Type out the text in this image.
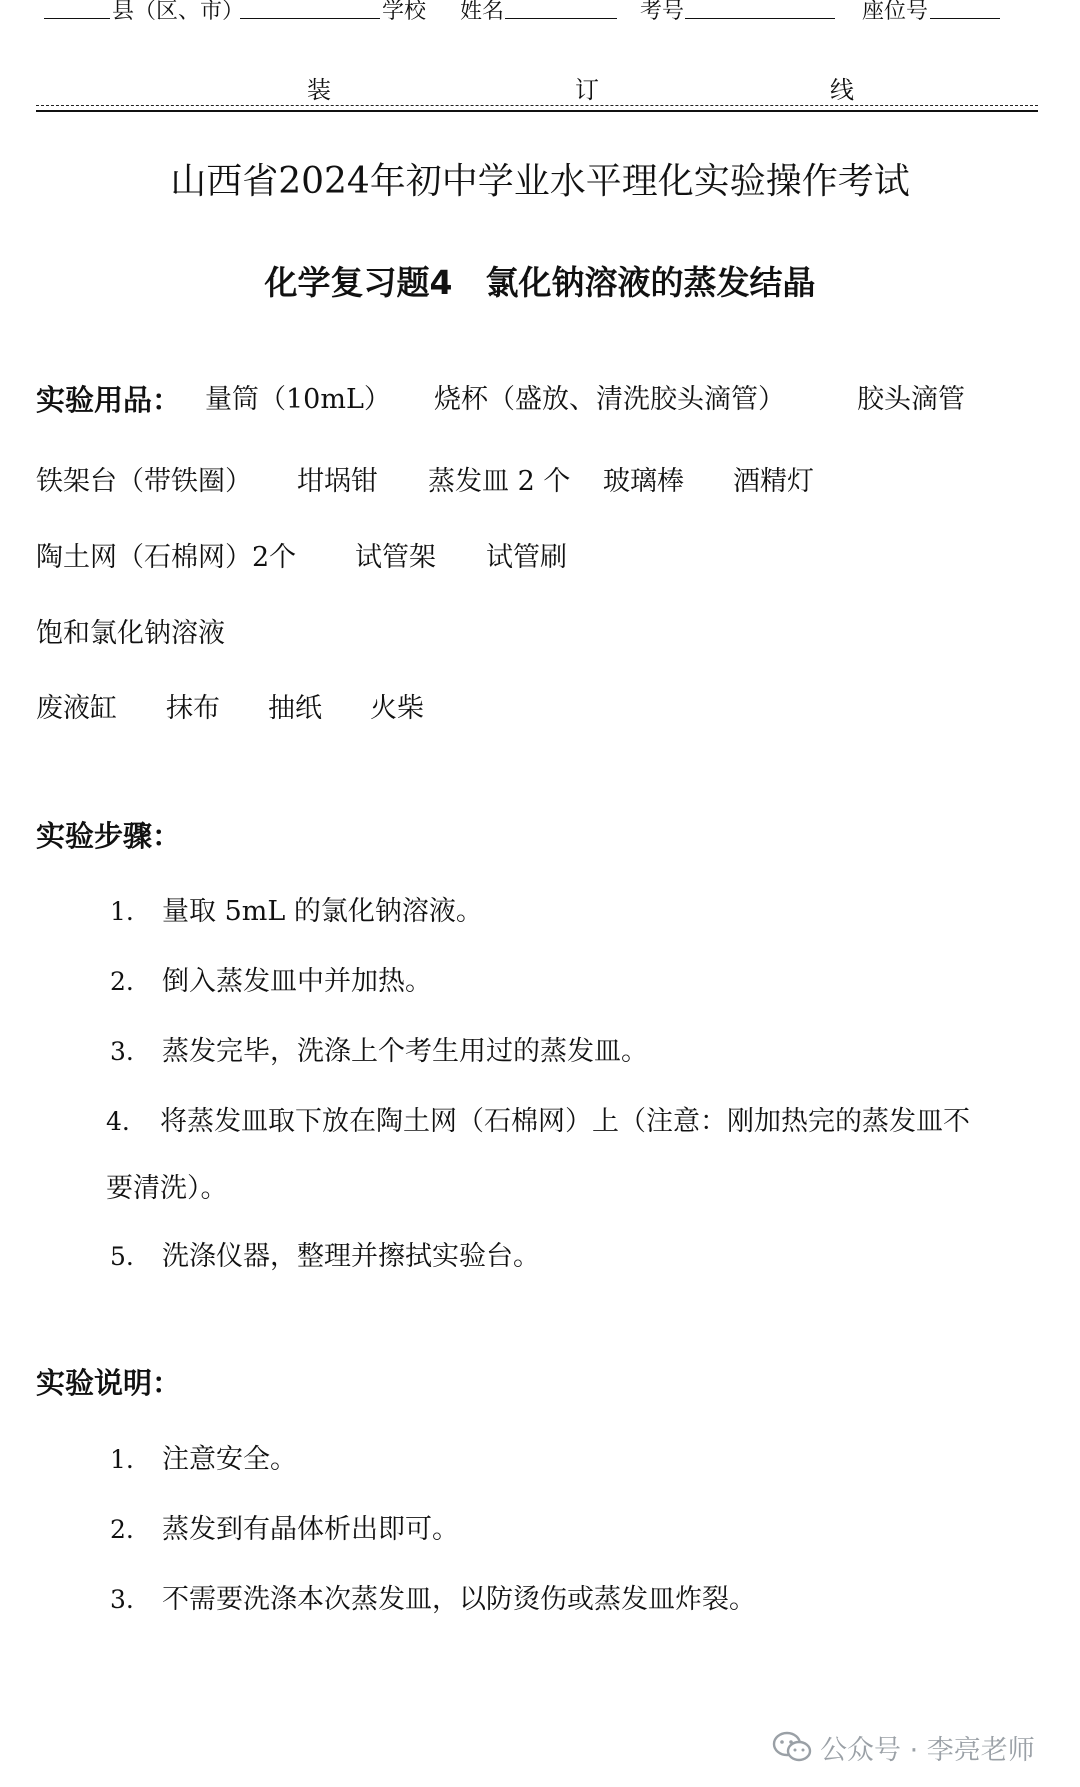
县（区、市）	学校 姓名	考号	座位号
装	订	线
山西省2024年初中学业水平理化实验操作考试
化学复习题4　氯化钠溶液的蒸发结晶
实验用品： 量筒（10mL） 烧杯（盛放、清洗胶头滴管）	胶头滴管
铁架台（带铁圈） 坩埚钳 蒸发皿 2 个 玻璃棒 酒精灯
陶土网（石棉网）2个 试管架 试管刷
饱和氯化钠溶液
废液缸 抹布 抽纸 火柴
实验步骤：
1. 量取 5mL 的氯化钠溶液。
2. 倒入蒸发皿中并加热。
3. 蒸发完毕，洗涤上个考生用过的蒸发皿。
4. 将蒸发皿取下放在陶土网（石棉网）上（注意：刚加热完的蒸发皿不
要清洗）。
5. 洗涤仪器，整理并擦拭实验台。
实验说明：
1. 注意安全。
2. 蒸发到有晶体析出即可。
3. 不需要洗涤本次蒸发皿，以防烫伤或蒸发皿炸裂。
公众号 · 李亮老师
